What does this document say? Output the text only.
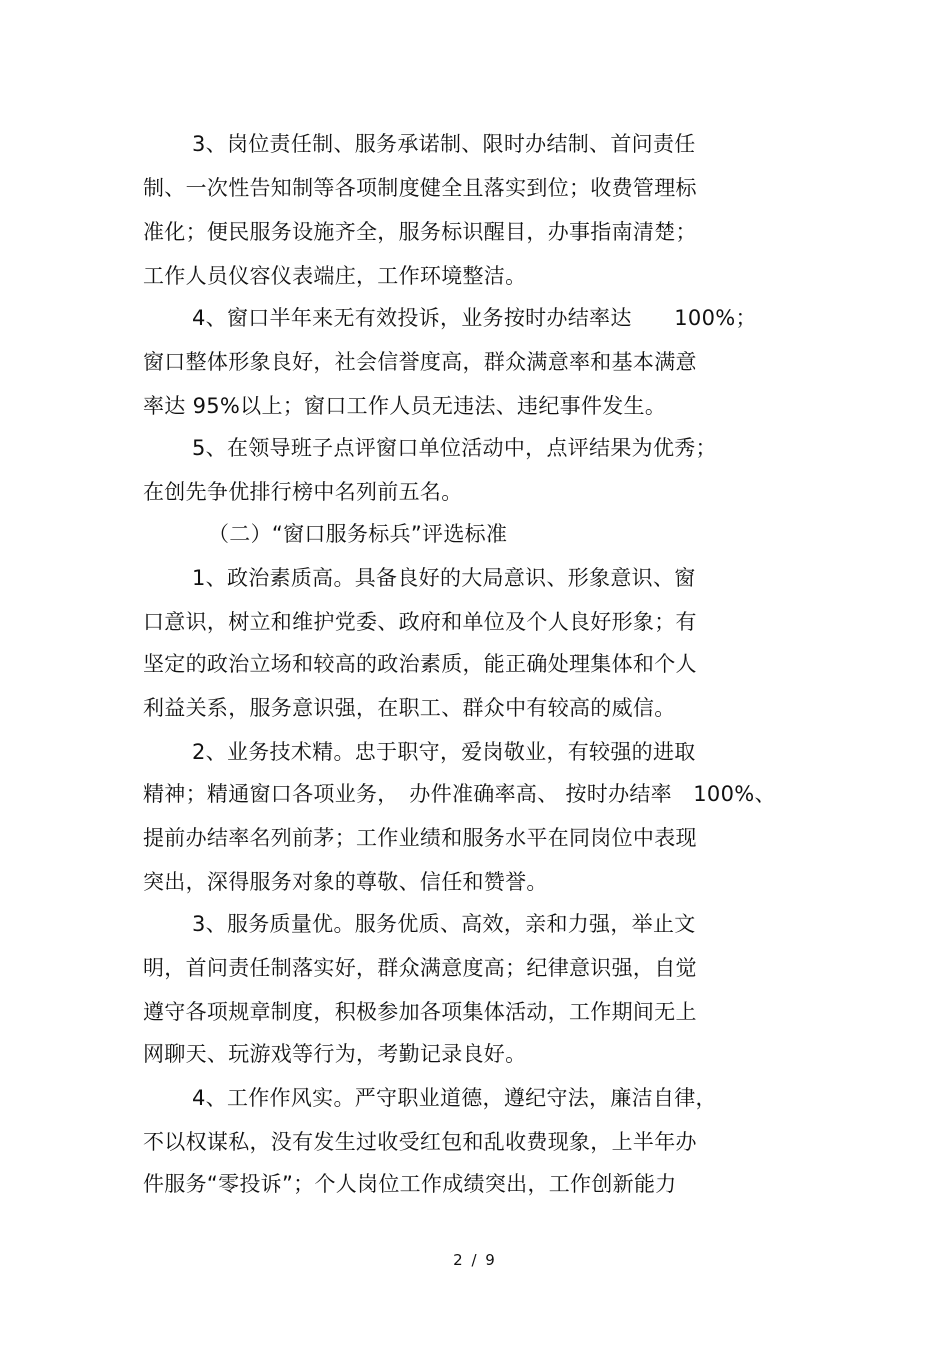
3、岗位责任制、服务承诺制、限时办结制、首问责任
制、一次性告知制等各项制度健全且落实到位；收费管理标
准化；便民服务设施齐全，服务标识醒目，办事指南清楚；
工作人员仪容仪表端庄，工作环境整洁。
4、窗口半年来无有效投诉，业务按时办结率达　　100%；
窗口整体形象良好，社会信誉度高，群众满意率和基本满意
率达 95%以上；窗口工作人员无违法、违纪事件发生。
5、在领导班子点评窗口单位活动中，点评结果为优秀；
在创先争优排行榜中名列前五名。
（二）“窗口服务标兵”评选标准
1、政治素质高。具备良好的大局意识、形象意识、窗
口意识，树立和维护党委、政府和单位及个人良好形象；有
坚定的政治立场和较高的政治素质，能正确处理集体和个人
利益关系，服务意识强，在职工、群众中有较高的威信。
2、业务技术精。忠于职守，爱岗敬业，有较强的进取
精神；精通窗口各项业务，　办件准确率高、 按时办结率　100%、
提前办结率名列前茅；工作业绩和服务水平在同岗位中表现
突出，深得服务对象的尊敬、信任和赞誉。
3、服务质量优。服务优质、高效，亲和力强，举止文
明，首问责任制落实好，群众满意度高；纪律意识强，自觉
遵守各项规章制度，积极参加各项集体活动，工作期间无上
网聊天、玩游戏等行为，考勤记录良好。
4、工作作风实。严守职业道德，遵纪守法，廉洁自律，
不以权谋私，没有发生过收受红包和乱收费现象，上半年办
件服务“零投诉”；个人岗位工作成绩突出，工作创新能力
2 / 9
